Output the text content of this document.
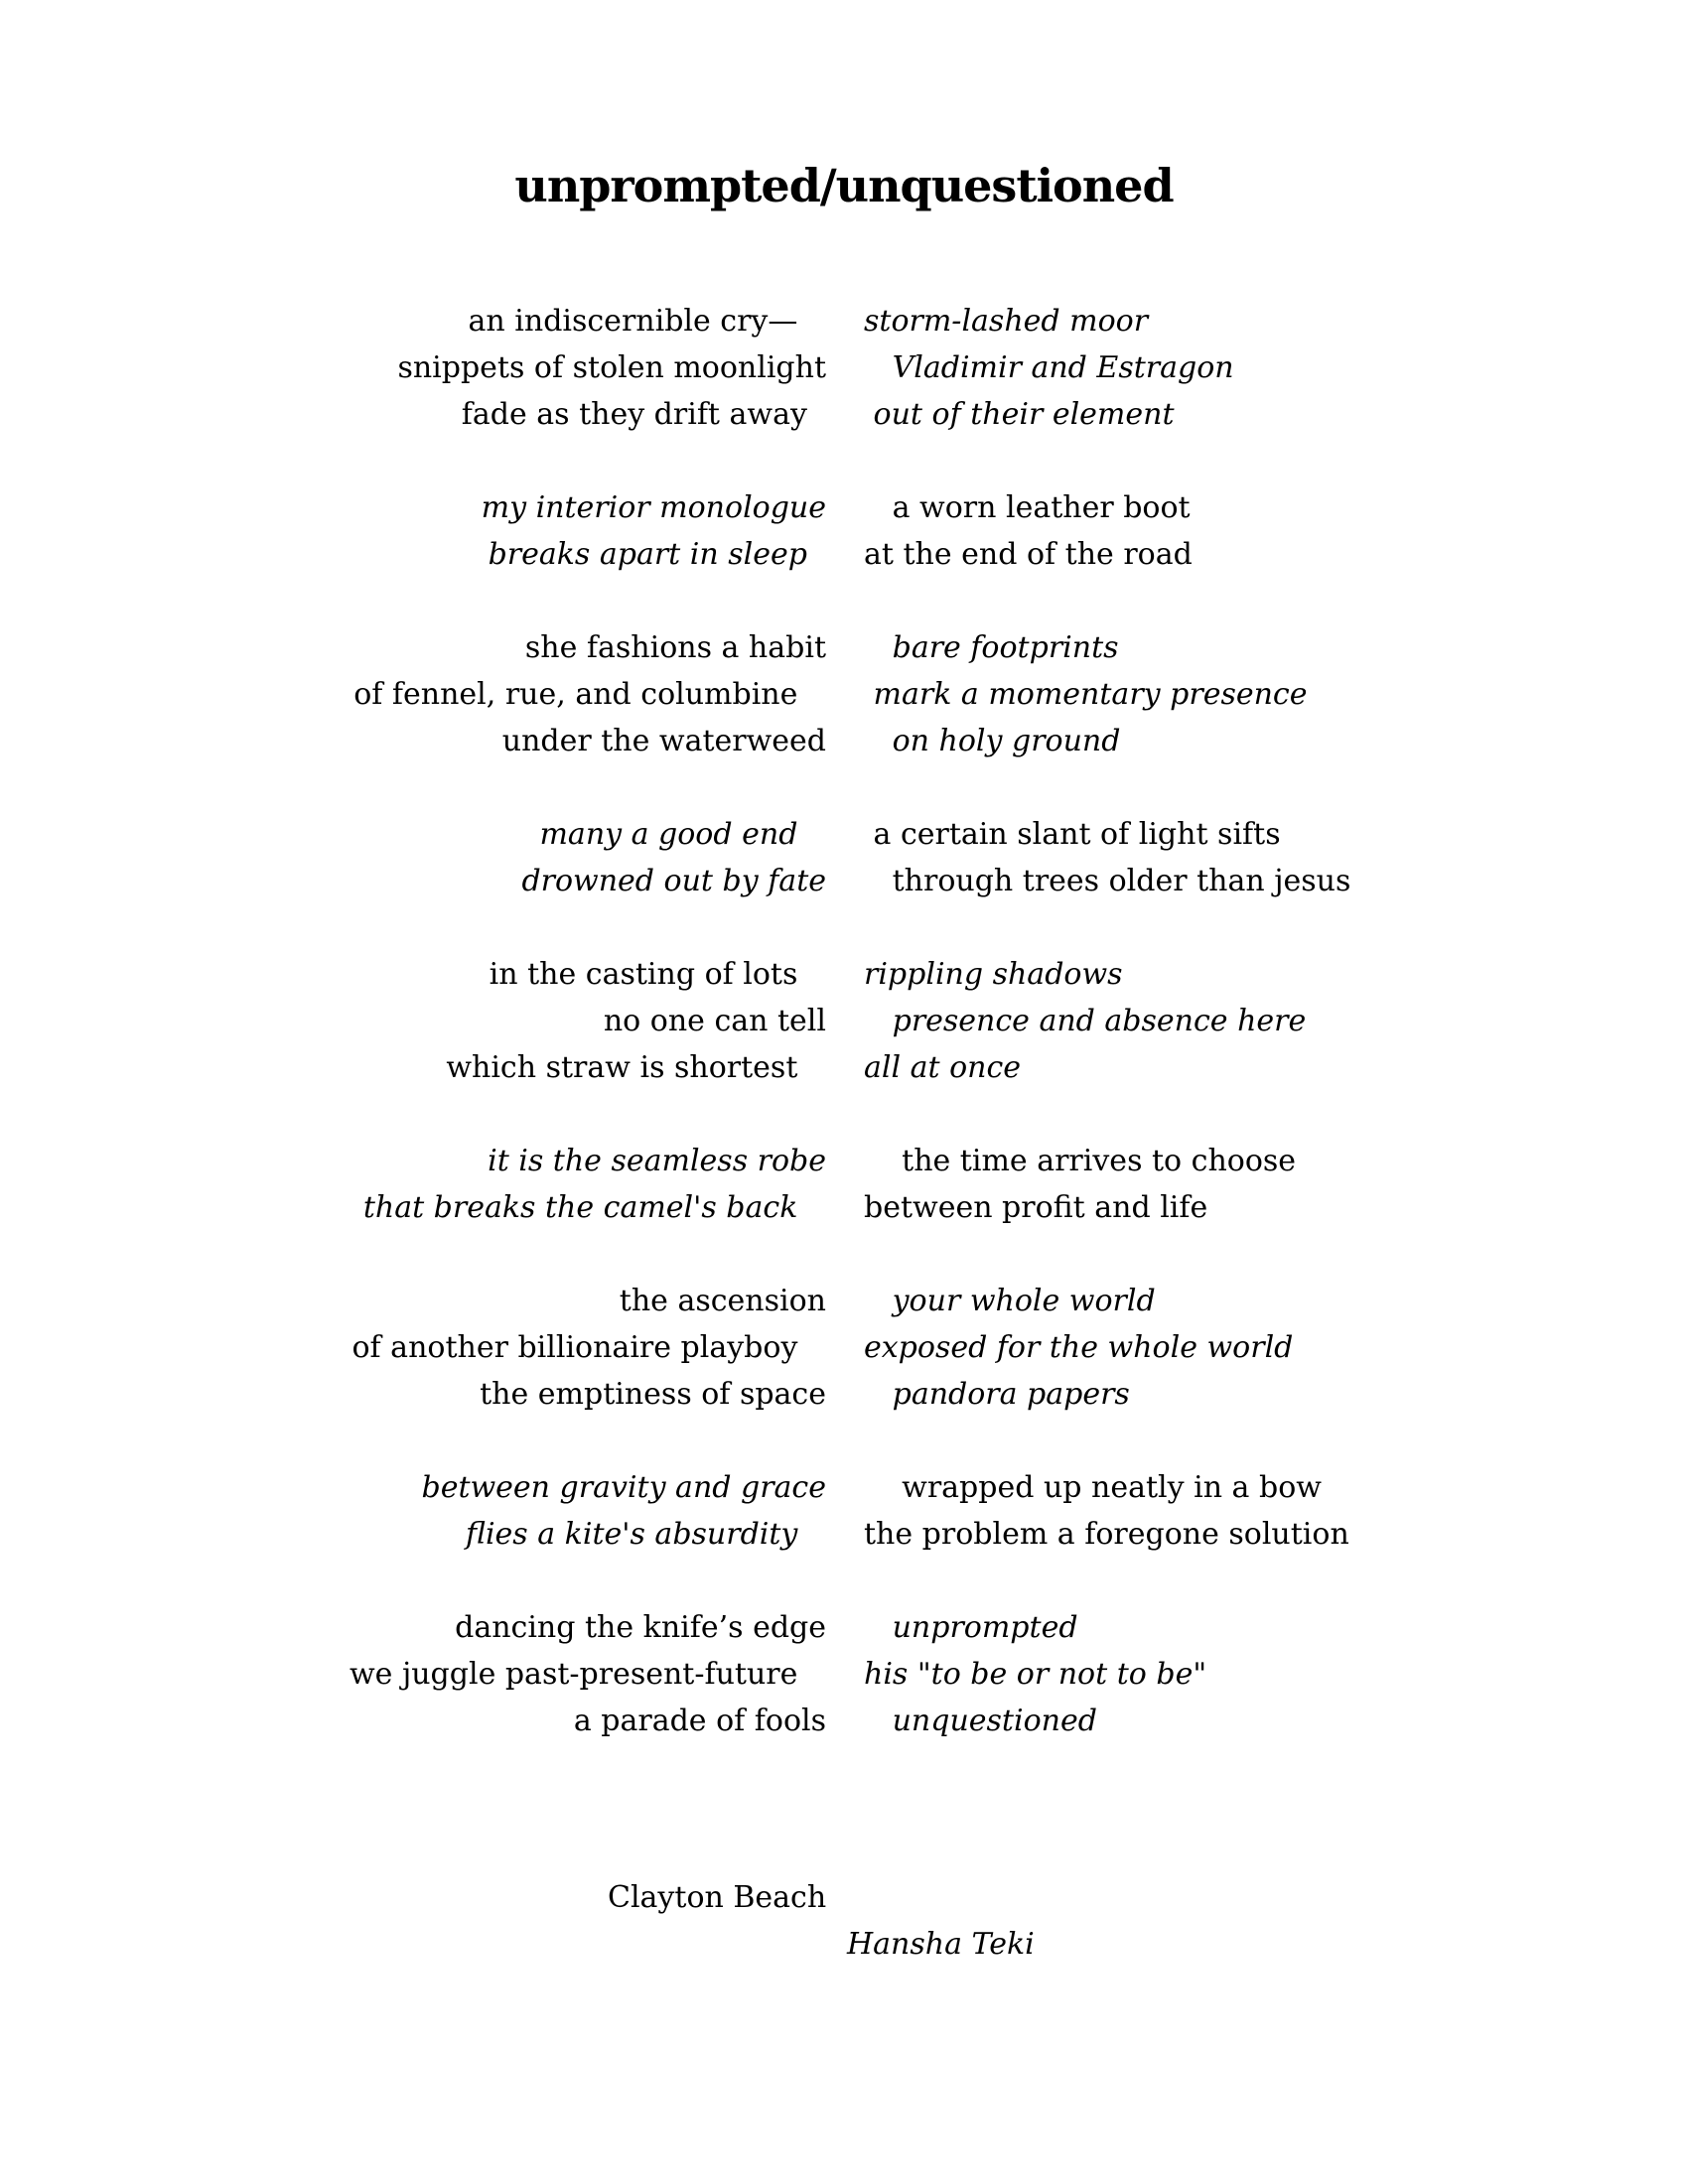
unprompted/unquestioned
an indiscernible cry—
snippets of stolen moonlight
fade as they drift away
storm-lashed moor
Vladimir and Estragon
out of their element
my interior monologue
breaks apart in sleep
a worn leather boot
at the end of the road
she fashions a habit
of fennel, rue, and columbine
under the waterweed
bare footprints
mark a momentary presence
on holy ground
many a good end
drowned out by fate
a certain slant of light sifts
through trees older than jesus
in the casting of lots
no one can tell
which straw is shortest
rippling shadows
presence and absence here
all at once
it is the seamless robe
that breaks the camel's back
the time arrives to choose
between profit and life
the ascension
of another billionaire playboy
the emptiness of space
your whole world
exposed for the whole world
pandora papers
between gravity and grace
flies a kite's absurdity
wrapped up neatly in a bow
the problem a foregone solution
dancing the knife’s edge
we juggle past-present-future
a parade of fools
unprompted
his "to be or not to be"
unquestioned
Clayton Beach
Hansha Teki
